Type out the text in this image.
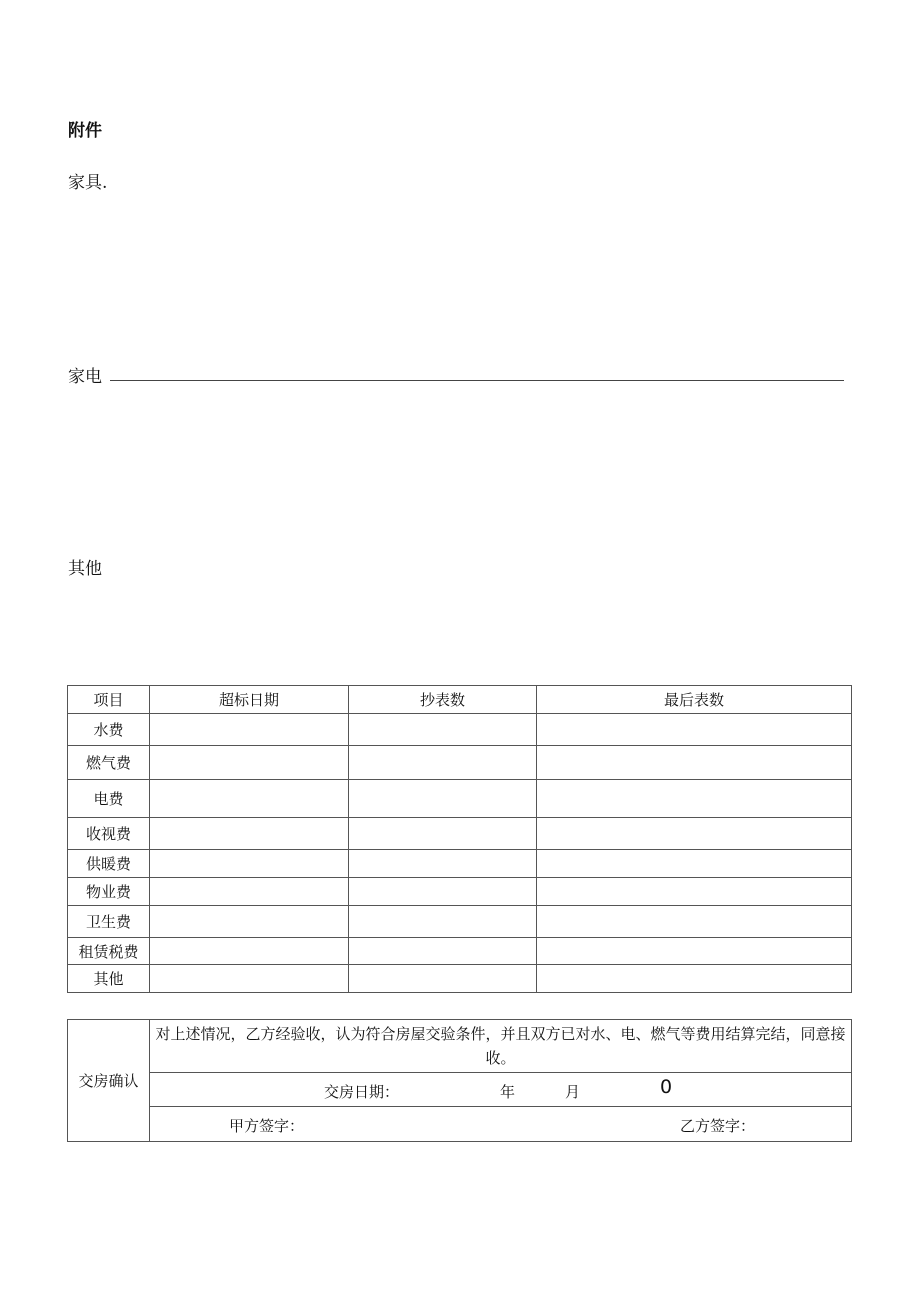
附件
家具.
家电
其他
项目	超标日期	抄表数	最后表数
水费			
燃气费			
电费			
收视费			
供暖费			
物业费			
卫生费			
租赁税费			
其他			
交房确认	对上述情况，乙方经验收，认为符合房屋交验条件，并且双方已对水、电、燃气等费用结算完结，同意接收。

交房日期：	年	月	0

甲方签字：	乙方签字：
